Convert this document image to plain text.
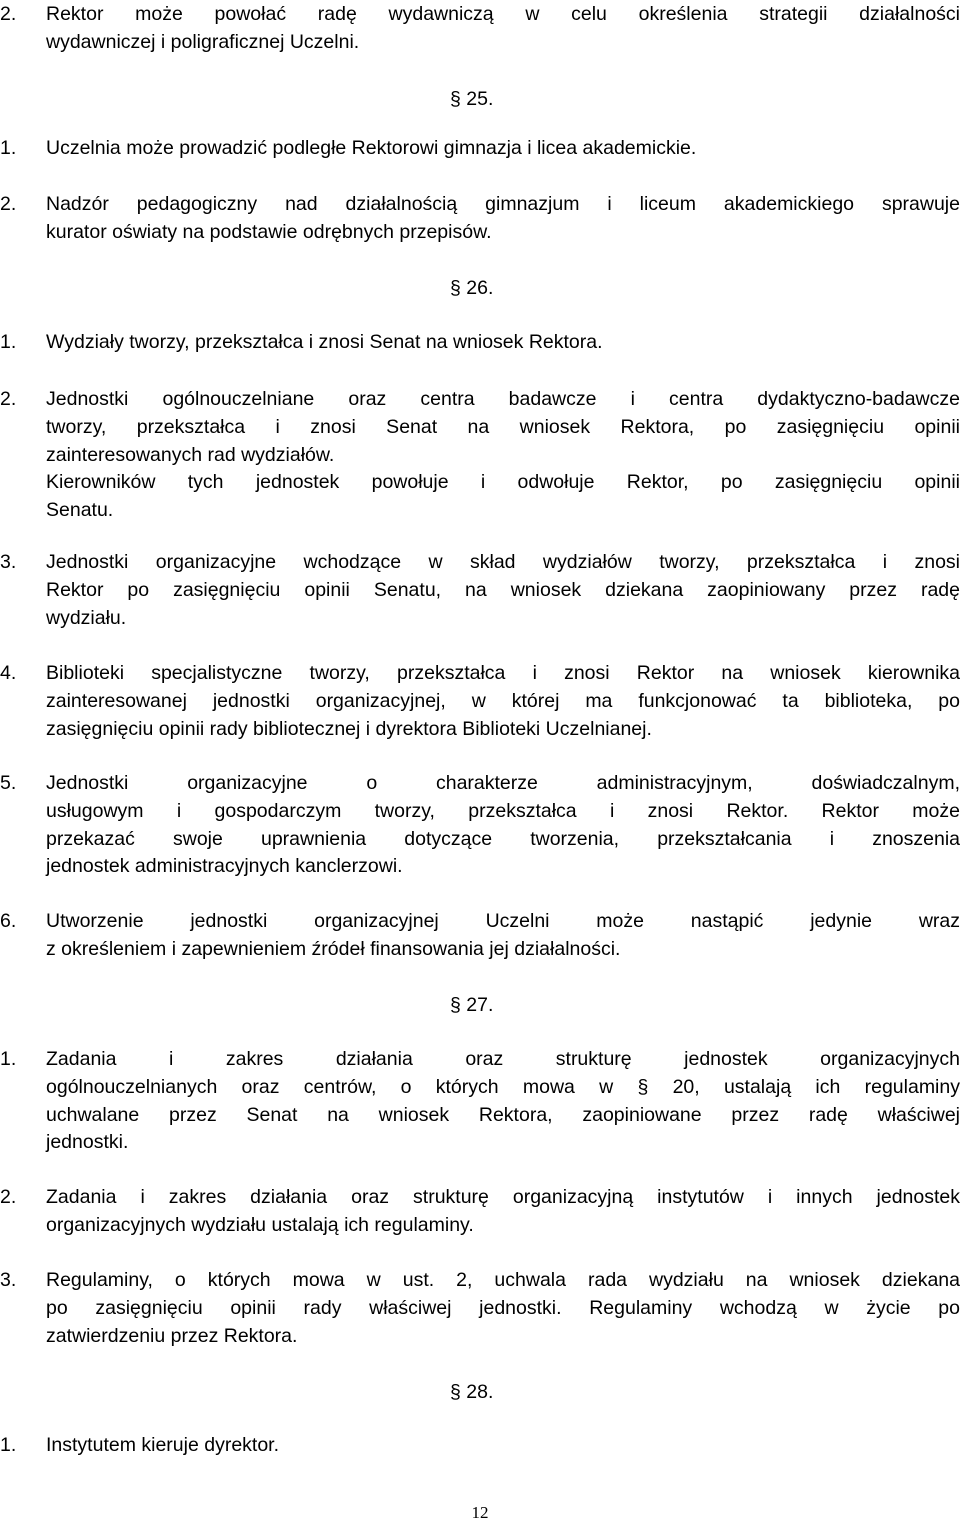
2.	Rektor może powołać radę wydawniczą w celu określenia strategii działalności
wydawniczej i poligraficznej Uczelni.
§ 25.
1.	Uczelnia może prowadzić podległe Rektorowi gimnazja i licea akademickie.
2.	Nadzór pedagogiczny nad działalnością gimnazjum i liceum akademickiego sprawuje
kurator oświaty na podstawie odrębnych przepisów.
§ 26.
1.	Wydziały tworzy, przekształca i znosi Senat na wniosek Rektora.
2.	Jednostki ogólnouczelniane oraz centra badawcze i centra dydaktyczno-badawcze
tworzy, przekształca i znosi Senat na wniosek Rektora, po zasięgnięciu opinii
zainteresowanych rad wydziałów.
Kierowników tych jednostek powołuje i odwołuje Rektor, po zasięgnięciu opinii
Senatu.
3.	Jednostki organizacyjne wchodzące w skład wydziałów tworzy, przekształca i znosi
Rektor po zasięgnięciu opinii Senatu, na wniosek dziekana zaopiniowany przez radę
wydziału.
4.	Biblioteki specjalistyczne tworzy, przekształca i znosi Rektor na wniosek kierownika
zainteresowanej jednostki organizacyjnej, w której ma funkcjonować ta biblioteka, po
zasięgnięciu opinii rady bibliotecznej i dyrektora Biblioteki Uczelnianej.
5.	Jednostki organizacyjne o charakterze administracyjnym, doświadczalnym,
usługowym i gospodarczym tworzy, przekształca i znosi Rektor. Rektor może
przekazać swoje uprawnienia dotyczące tworzenia, przekształcania i znoszenia
jednostek administracyjnych kanclerzowi.
6.	Utworzenie jednostki organizacyjnej Uczelni może nastąpić jedynie wraz
z określeniem i zapewnieniem źródeł finansowania jej działalności.
§ 27.
1.	Zadania i zakres działania oraz strukturę jednostek organizacyjnych
ogólnouczelnianych oraz centrów, o których mowa w § 20, ustalają ich regulaminy
uchwalane przez Senat na wniosek Rektora, zaopiniowane przez radę właściwej
jednostki.
2.	Zadania i zakres działania oraz strukturę organizacyjną instytutów i innych jednostek
organizacyjnych wydziału ustalają ich regulaminy.
3.	Regulaminy, o których mowa w ust. 2, uchwala rada wydziału na wniosek dziekana
po zasięgnięciu opinii rady właściwej jednostki. Regulaminy wchodzą w życie po
zatwierdzeniu przez Rektora.
§ 28.
1.	Instytutem kieruje dyrektor.
12
